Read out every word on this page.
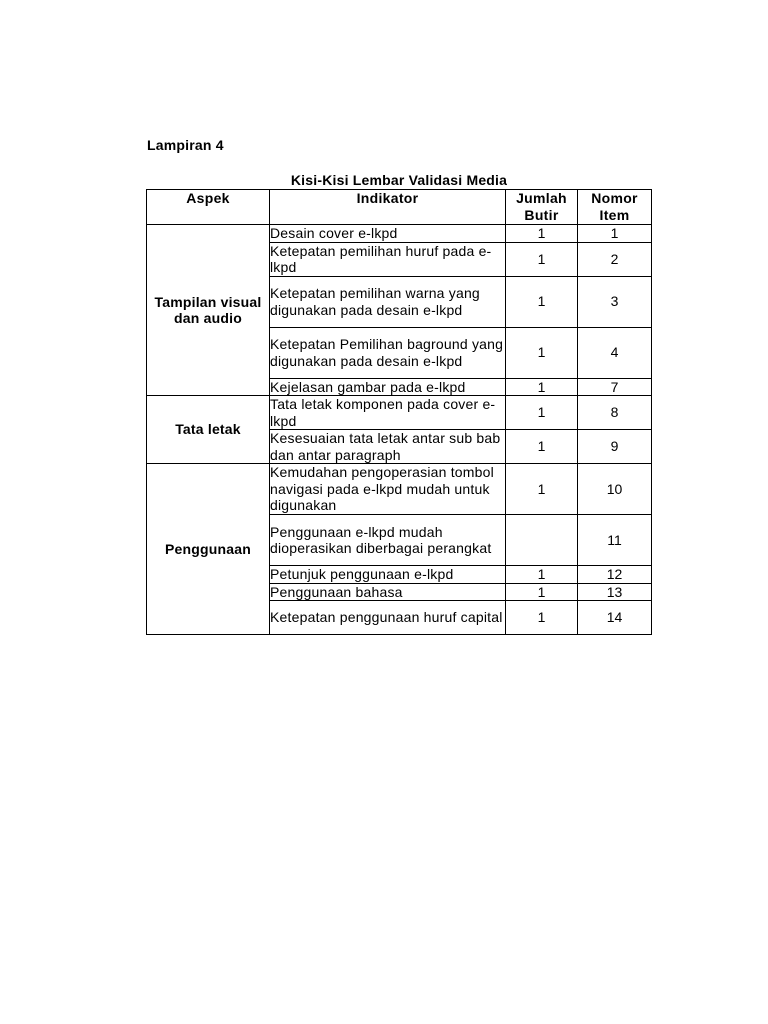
Lampiran 4
Kisi-Kisi Lembar Validasi Media
Aspek	Indikator	Jumlah Butir	Nomor Item
Tampilan visual dan audio	Desain cover e-lkpd	1	1
	Ketepatan pemilihan huruf pada e-lkpd	1	2
	Ketepatan pemilihan warna yang digunakan pada desain e-lkpd	1	3
	Ketepatan Pemilihan baground yang digunakan pada desain e-lkpd	1	4
	Kejelasan gambar pada e-lkpd	1	7
Tata letak	Tata letak komponen pada cover e-lkpd	1	8
	Kesesuaian tata letak antar sub bab dan antar paragraph	1	9
Penggunaan	Kemudahan pengoperasian tombol navigasi pada e-lkpd mudah untuk digunakan	1	10
	Penggunaan e-lkpd mudah dioperasikan diberbagai perangkat		11
	Petunjuk penggunaan e-lkpd	1	12
	Penggunaan bahasa	1	13
	Ketepatan penggunaan huruf capital	1	14
